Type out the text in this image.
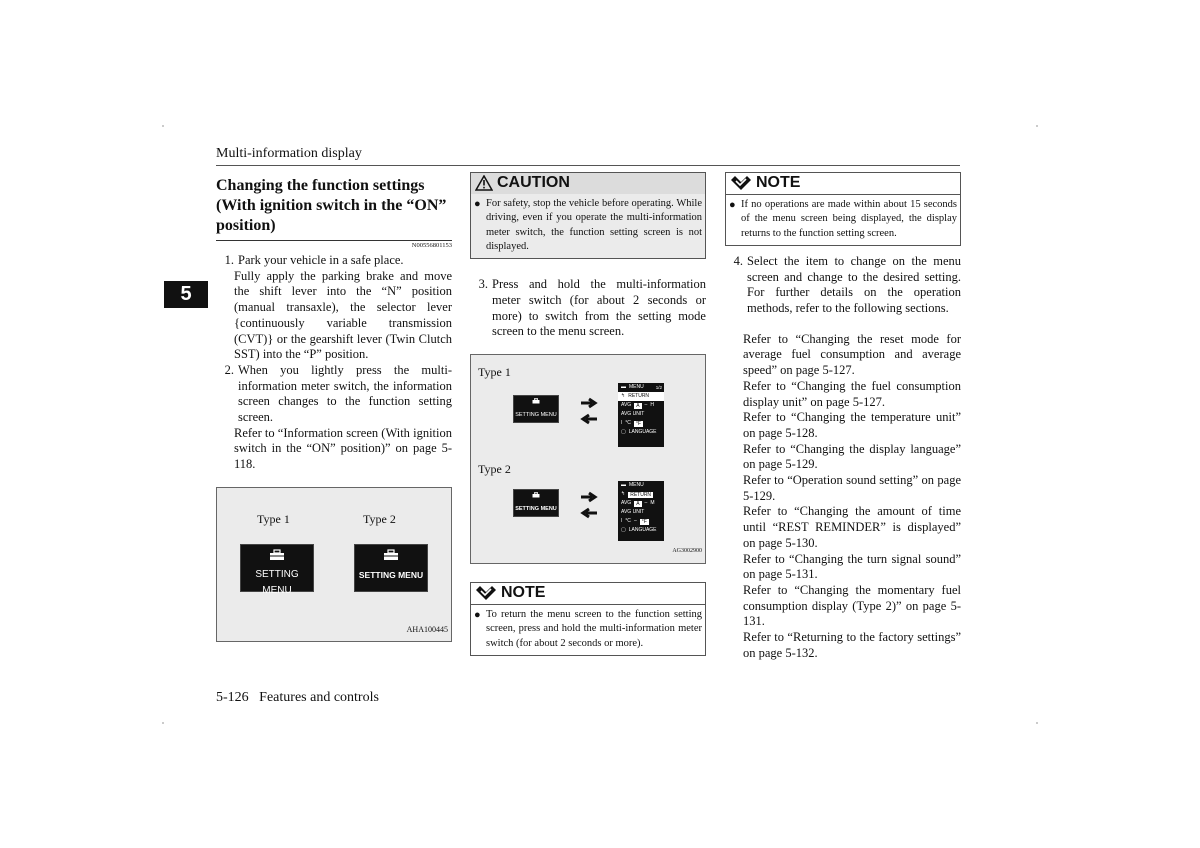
Multi-information display
5
Changing the function settings (With ignition switch in the “ON” position)
N00556801153
1. Park your vehicle in a safe place.
Fully apply the parking brake and move the shift lever into the “N” position (manual transaxle), the selector lever {continuously variable transmission (CVT)} or the gearshift lever (Twin Clutch SST) into the “P” position.
2. When you lightly press the multi-information meter switch, the information screen changes to the function setting screen.
Refer to “Information screen (With ignition switch in the “ON” position)” on page 5-118.
Type 1	Type 2
SETTING MENU
SETTING MENU
AHA100445
CAUTION
● For safety, stop the vehicle before operating. While driving, even if you operate the multi-information meter switch, the function setting screen is not displayed.
3. Press and hold the multi-information meter switch (for about 2 seconds or more) to switch from the setting mode screen to the menu screen.
Type 1
Type 2
SETTING MENU
▬ MENU	1/2
↰ RETURN
AVG	A	– H
AVG UNIT
ǀ °C	°F
▢ LANGUAGE
SETTING MENU
▬ MENU
↰	RETURN
AVG	A	– M
AVG UNIT
ǀ °C –	°F
▢ LANGUAGE
AG3002900
NOTE
● To return the menu screen to the function setting screen, press and hold the multi-information meter switch (for about 2 seconds or more).
NOTE
● If no operations are made within about 15 seconds of the menu screen being displayed, the display returns to the function setting screen.
4. Select the item to change on the menu screen and change to the desired setting. For further details on the operation methods, refer to the following sections.
Refer to “Changing the reset mode for average fuel consumption and average speed” on page 5-127.
Refer to “Changing the fuel consumption display unit” on page 5-127.
Refer to “Changing the temperature unit” on page 5-128.
Refer to “Changing the display language” on page 5-129.
Refer to “Operation sound setting” on page 5-129.
Refer to “Changing the amount of time until “REST REMINDER” is displayed” on page 5-130.
Refer to “Changing the turn signal sound” on page 5-131.
Refer to “Changing the momentary fuel consumption display (Type 2)” on page 5-131.
Refer to “Returning to the factory settings” on page 5-132.
5-126 Features and controls
